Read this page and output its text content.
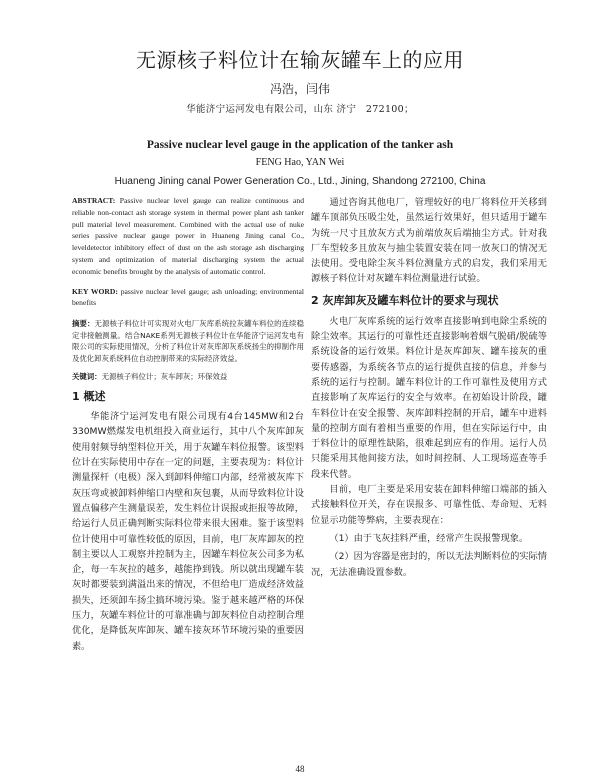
无源核子料位计在输灰罐车上的应用
冯浩，闫伟
华能济宁运河发电有限公司，山东 济宁　272100；
Passive nuclear level gauge in the application of the tanker ash
FENG Hao, YAN Wei
Huaneng Jining canal Power Generation Co., Ltd., Jining, Shandong 272100, China

ABSTRACT: Passive nuclear level gauge can realize continuous and reliable non-contact ash storage system in thermal power plant ash tanker pull material level measurement. Combined with the actual use of nuke series passive nuclear gauge power in Huaneng Jining canal Co., leveldetector inhibitory effect of dust on the ash storage ash discharging system and optimization of material discharging system the actual economic benefits brought by the analysis of automatic control.

KEY WORD: passive nuclear level gauge; ash unloading; environmental benefits

摘要：无源核子料位计可实现对火电厂灰库系统拉灰罐车料位的连续稳定非接触测量。结合NAKE系列无源核子料位计在华能济宁运河发电有限公司的实际使用情况，分析了料位计对灰库卸灰系统扬尘的抑制作用及优化卸灰系统料位自动控制带来的实际经济效益。

关键词：无源核子料位计；灰车卸灰；环保效益

1 概述

华能济宁运河发电有限公司现有4台145MW和2台330MW燃煤发电机组投入商业运行，其中八个灰库卸灰使用射频导纳型料位开关，用于灰罐车料位报警。该型料位计在实际使用中存在一定的问题，主要表现为：料位计测量探杆（电极）深入到卸料伸缩口内部，经常被灰库下灰压弯或被卸料伸缩口内壁和灰包裹，从而导致料位计设置点偏移产生测量误差，发生料位计误报或拒报等故障，给运行人员正确判断实际料位带来很大困难。鉴于该型料位计使用中可靠性较低的原因，目前，电厂灰库卸灰的控制主要以人工观察并控制为主，因罐车料位灰公司多为私企，每一车灰拉的越多，越能挣到钱。所以就出现罐车装灰时都要装到满溢出来的情况，不但给电厂造成经济效益损失，还须卸车扬尘搞环境污染。鉴于越来越严格的环保压力，灰罐车料位计的可靠准确与卸灰料位自动控制合理优化，是降低灰库卸灰、罐车接灰环节环境污染的重要因素。

通过咨询其他电厂，管理较好的电厂将料位开关移到罐车顶部负压吸尘处，虽然运行效果好，但只适用于罐车为统一尺寸且放灰方式为前端放灰后端抽尘方式。针对我厂车型较多且放灰与抽尘装置安装在同一放灰口的情况无法使用。受电除尘灰斗料位测量方式的启发，我们采用无源核子料位计对灰罐车料位测量进行试验。

2 灰库卸灰及罐车料位计的要求与现状

火电厂灰库系统的运行效率直接影响到电除尘系统的除尘效率。其运行的可靠性还直接影响着烟气脱硝/脱硫等系统设备的运行效果。料位计是灰库卸灰、罐车接灰的重要传感器，为系统各节点的运行提供直接的信息，并参与系统的运行与控制。罐车料位计的工作可靠性及使用方式直接影响了灰库运行的安全与效率。在初始设计阶段，罐车料位计在安全报警、灰库卸料控制的开启，罐车中进料量的控制方面有着相当重要的作用，但在实际运行中，由于料位计的原理性缺陷，很难起到应有的作用。运行人员只能采用其他间接方法，如时间控制、人工现场巡查等手段来代替。

目前，电厂主要是采用安装在卸料伸缩口端部的插入式接触料位开关，存在误报多、可靠性低、寿命短、无料位显示功能等弊病，主要表现在：

（1）由于飞灰挂料严重，经常产生误报警现象。

（2）因为容器是密封的，所以无法判断料位的实际情况，无法准确设置参数。

48
